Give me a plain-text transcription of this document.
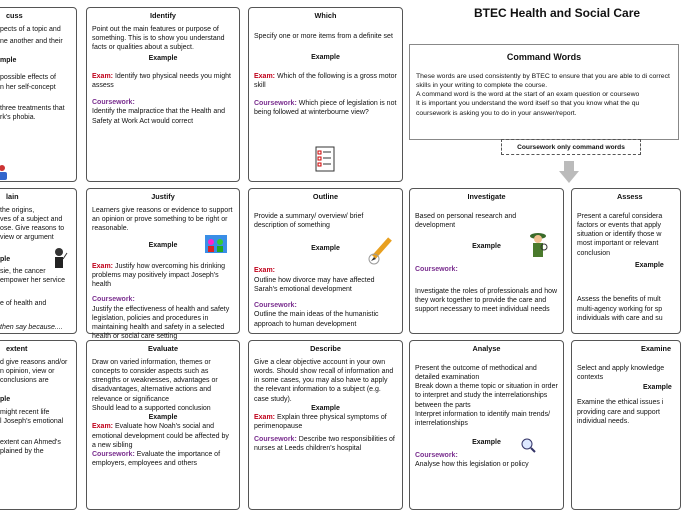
BTEC Health and Social Care
cuss

pects of a topic and

ne another and their

mple

possible effects of

n her self-concept

three treatments that

rk's phobia.

Identify

Point out the main features or purpose of something. This is to show you understand facts or qualities about a subject.

Example

Exam: Identify two physical needs you might assess

Coursework:

Identify the malpractice that the Health and Safety at Work Act would correct

Which

Specify one or more items from a definite set

Example

Exam: Which of the following is a gross motor skill

Coursework: Which piece of legislation is not being followed at winterbourne view?

Command Words
These words are used consistently by BTEC to ensure that you are able to di correct skills in your writing to complete the course.
A command word is the word at the start of an exam question or coursewo
It is important you understand the word itself so that you know what the qu coursework is asking you to do in your answer/report.
Coursework only command words
lain

the origins,

ves of a subject and

ose. Give reasons to

view or argument

ple

sie, the cancer

empower her service

e of health and

then say because....

Justify

Learners give reasons or evidence to support an opinion or prove something to be right or reasonable.

Example

Exam: Justify how overcoming his drinking problems may positively impact Joseph's health

Coursework:

Justify the effectiveness of health and safety legislation, policies and procedures in maintaining health and safety in a selected health or social care setting

Outline

Provide a summary/ overview/ brief description of something

Example
Exam:

Outline how divorce may have affected Sarah's emotional development

Coursework:

Outline the main ideas of the humanistic approach to human development

Investigate

Based on personal research and development

Example
Coursework:

Investigate the roles of professionals and how they work together to provide the care and support necessary to meet individual needs

Assess

Present a careful considera factors or events that apply situation or identify those w most important or relevant conclusion

Example

Assess the benefits of mult multi-agency working for sp individuals with care and su

extent

d give reasons and/or

n opinion, view or

conclusions are

ple

might recent life

l Joseph's emotional

extent can Ahmed's

plained by the

Evaluate

Draw on varied information, themes or concepts to consider aspects such as strengths or weaknesses, advantages or disadvantages, alternative actions and relevance or significance

Should lead to a supported conclusion

Example

Exam: Evaluate how Noah's social and emotional development could be affected by a new sibling

Coursework: Evaluate the importance of employers, employees and others

Describe

Give a clear objective account in your own words. Should show recall of information and in some cases, you may also have to apply the relevant information to a subject (e.g. case study).

Example

Exam: Explain three physical symptoms of perimenopause

Coursework: Describe two responsibilities of nurses at Leeds children's hospital

Analyse

Present the outcome of methodical and detailed examination

Break down a theme topic or situation in order to interpret and study the interrelationships between the parts

Interpret information to identify main trends/ interrelationships

Example
Coursework:

Analyse how this legislation or policy

Examine

Select and apply knowledge contexts

Example

Examine the ethical issues i providing care and support individual needs.
